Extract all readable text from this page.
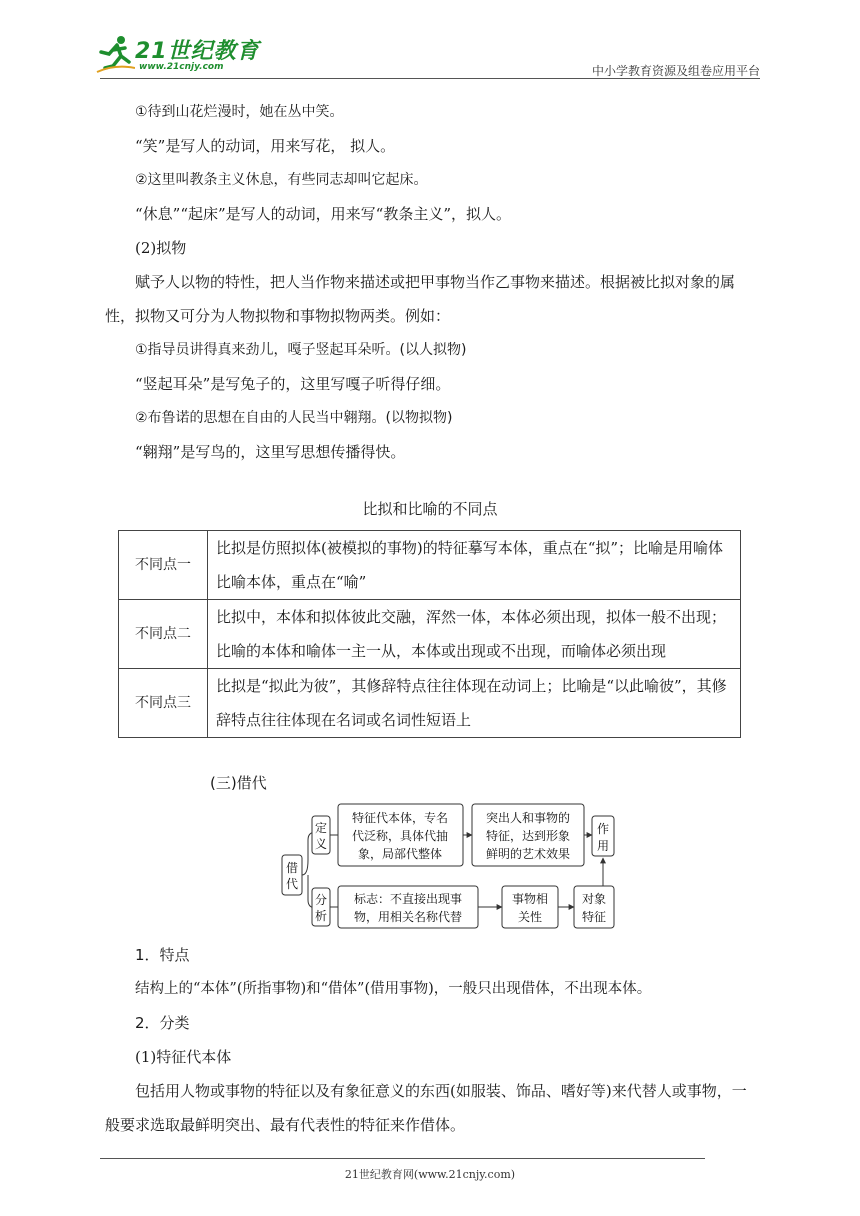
21世纪教育
www.21cnjy.com	中小学教育资源及组卷应用平台

①待到山花烂漫时，她在丛中笑。

“笑”是写人的动词，用来写花， 拟人。

②这里叫教条主义休息，有些同志却叫它起床。

“休息”“起床”是写人的动词，用来写“教条主义”，拟人。

(2)拟物

赋予人以物的特性，把人当作物来描述或把甲事物当作乙事物来描述。根据被比拟对象的属性，拟物又可分为人物拟物和事物拟物两类。例如：

①指导员讲得真来劲儿，嘎子竖起耳朵听。(以人拟物)

“竖起耳朵”是写兔子的，这里写嘎子听得仔细。

②布鲁诺的思想在自由的人民当中翱翔。(以物拟物)

“翱翔”是写鸟的，这里写思想传播得快。

比拟和比喻的不同点
不同点一	比拟是仿照拟体(被模拟的事物)的特征摹写本体，重点在“拟”；比喻是用喻体比喻本体，重点在“喻”
不同点二	比拟中，本体和拟体彼此交融，浑然一体，本体必须出现，拟体一般不出现；比喻的本体和喻体一主一从，本体或出现或不出现，而喻体必须出现
不同点三	比拟是“拟此为彼”，其修辞特点往往体现在动词上；比喻是“以此喻彼”，其修辞特点往往体现在名词或名词性短语上
(三)借代
借
代
定
义
分
析
特征代本体，专名
代泛称，具体代抽
象，局部代整体
突出人和事物的
特征，达到形象
鲜明的艺术效果
作
用
标志：不直接出现事
物，用相关名称代替
事物相
关性
对象
特征

1．特点

结构上的“本体”(所指事物)和“借体”(借用事物)，一般只出现借体，不出现本体。

2．分类

(1)特征代本体

包括用人物或事物的特征以及有象征意义的东西(如服装、饰品、嗜好等)来代替人或事物，一般要求选取最鲜明突出、最有代表性的特征来作借体。

21世纪教育网(www.21cnjy.com)
